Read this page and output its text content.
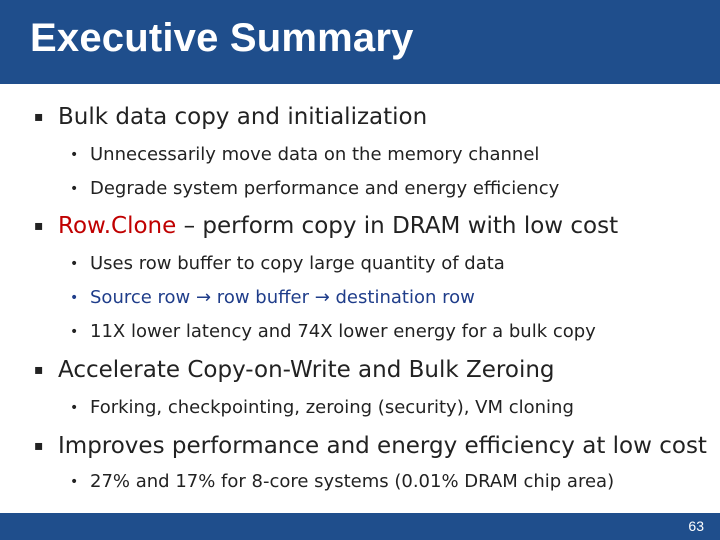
Executive Summary
▪ Bulk data copy and initialization
• Unnecessarily move data on the memory channel
• Degrade system performance and energy efficiency
▪ Row.Clone – perform copy in DRAM with low cost
• Uses row buffer to copy large quantity of data
• Source row → row buffer → destination row
• 11X lower latency and 74X lower energy for a bulk copy
▪ Accelerate Copy-on-Write and Bulk Zeroing
• Forking, checkpointing, zeroing (security), VM cloning
▪ Improves performance and energy efficiency at low cost
• 27% and 17% for 8-core systems (0.01% DRAM chip area)
63
